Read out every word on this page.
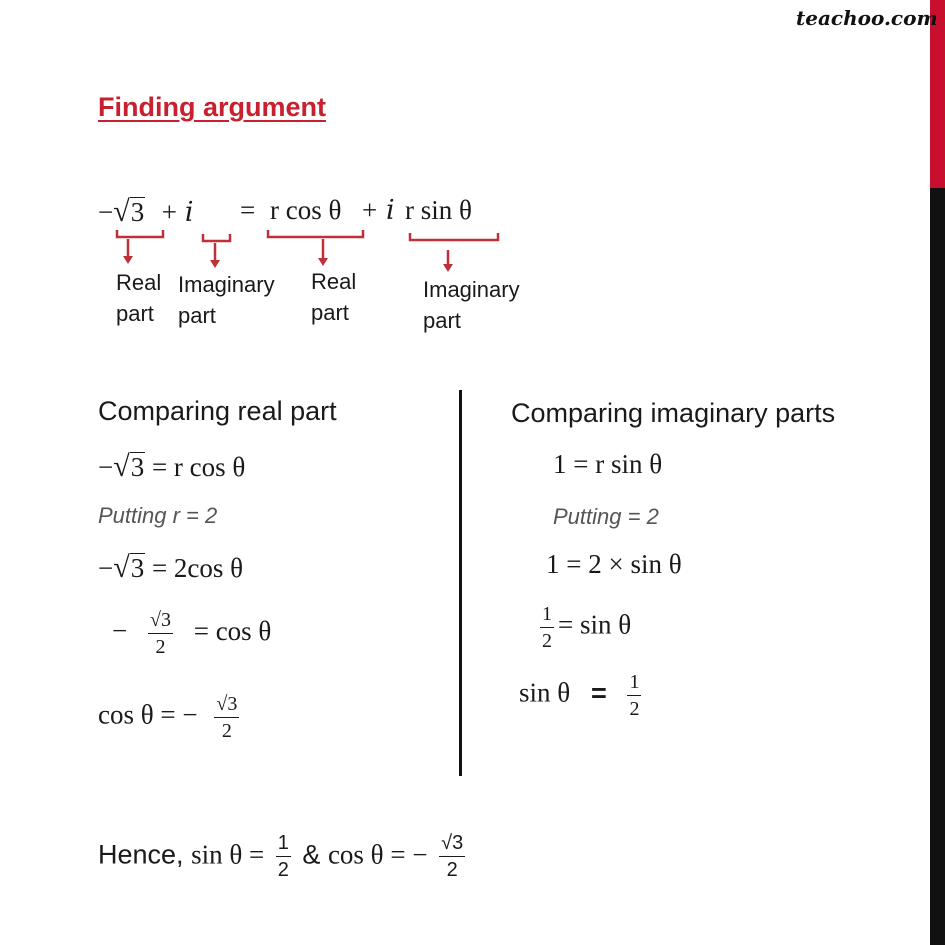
teachoo.com
Finding argument
−√3 + 𝑖 = r cos θ + 𝑖 r sin θ
Real part
Imaginary part
Real part
Imaginary part
Comparing real part
−√3 = r cos θ
Putting r = 2
−√3 = 2cos θ
− $\frac{√3}{2} = \cos \theta$
cos θ = − $\frac{√3}{2}$
Comparing imaginary parts
1 = r sin θ
Putting = 2
1 = 2 × sin θ
$\frac{1}{2} = \sin \theta$
$\sin \theta = \frac{1}{2}$
Hence, $\sin \theta = \frac{1}{2}$ & cos θ = − $\frac{√3}{2}$
